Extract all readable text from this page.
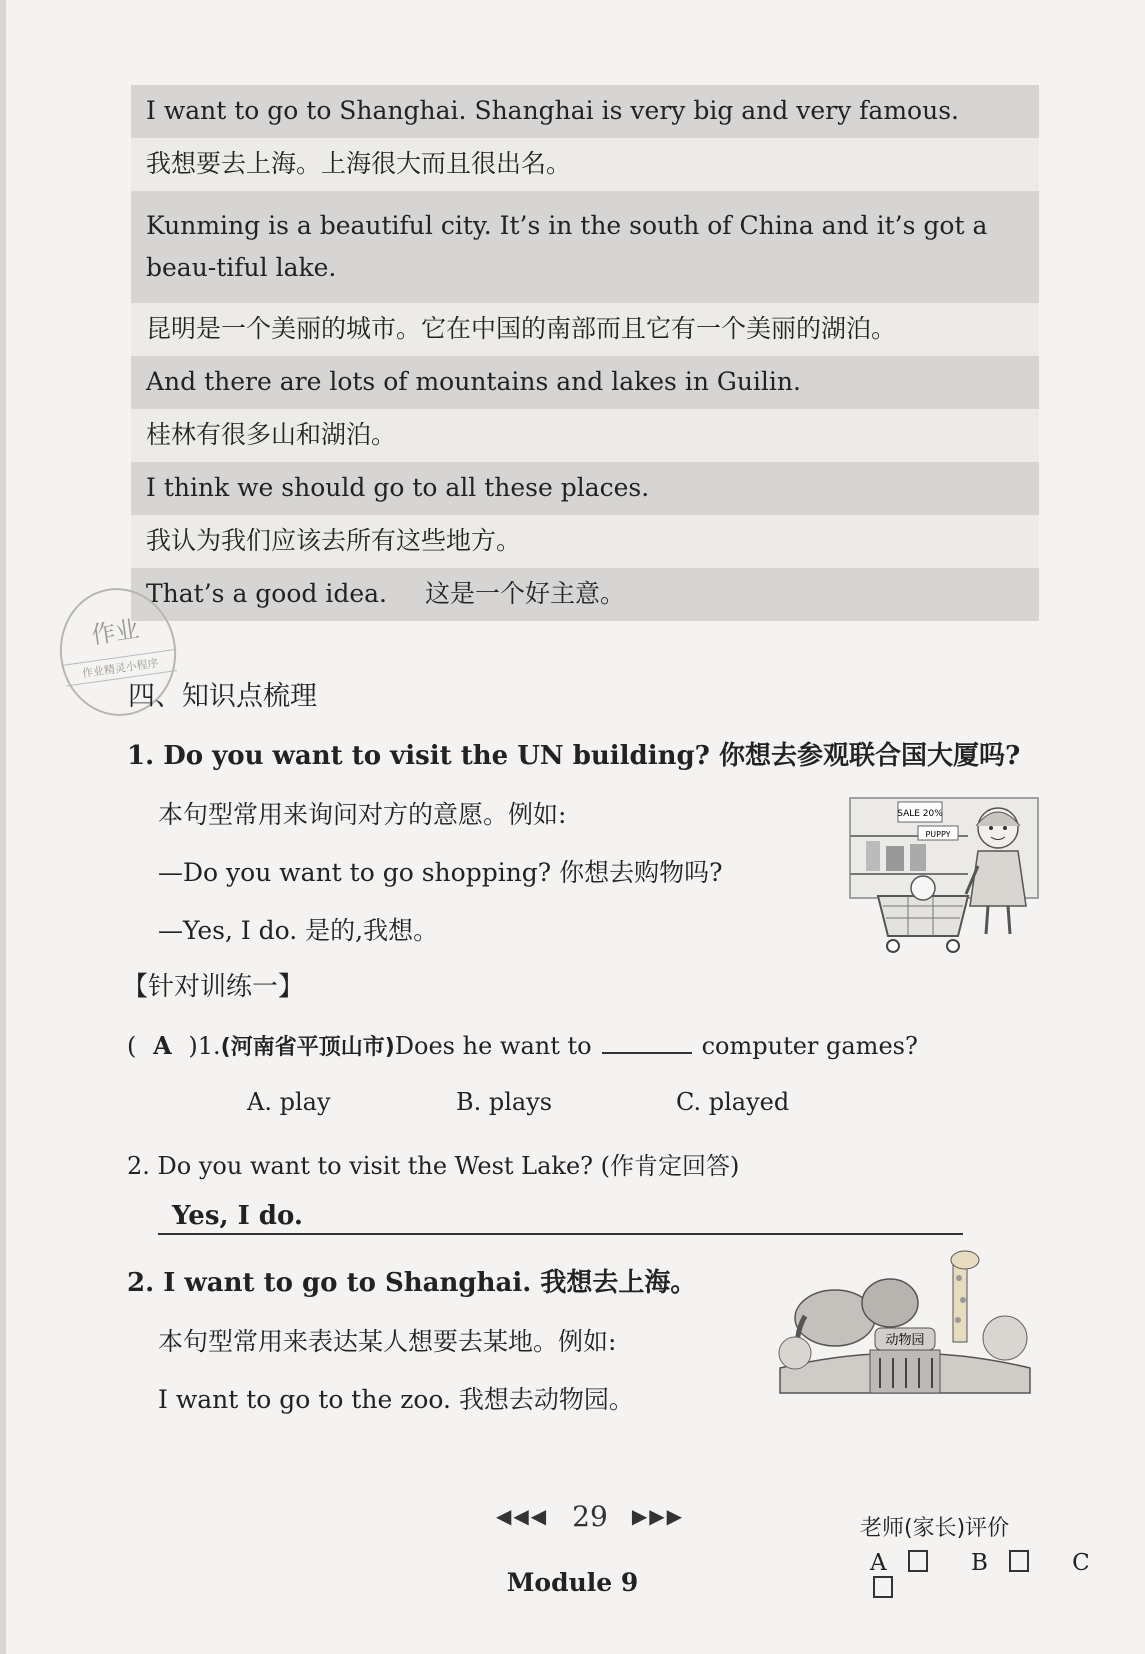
I want to go to Shanghai. Shanghai is very big and very famous.
我想要去上海。上海很大而且很出名。
Kunming is a beautiful city. It’s in the south of China and it’s got a beau-tiful lake.
昆明是一个美丽的城市。它在中国的南部而且它有一个美丽的湖泊。
And there are lots of mountains and lakes in Guilin.
桂林有很多山和湖泊。
I think we should go to all these places.
我认为我们应该去所有这些地方。
That’s a good idea. 这是一个好主意。
作业
作业精灵小程序
四、知识点梳理
1. Do you want to visit the UN building? 你想去参观联合国大厦吗?
本句型常用来询问对方的意愿。例如:
—Do you want to go shopping? 你想去购物吗?
—Yes, I do. 是的,我想。
SALE 20%
PUPPY
【针对训练一】
( A )1.(河南省平顶山市)Does he want to	computer games?
A. play	B. plays	C. played
2. Do you want to visit the West Lake? (作肯定回答)
Yes, I do.
2. I want to go to Shanghai. 我想去上海。
本句型常用来表达某人想要去某地。例如:
I want to go to the zoo. 我想去动物园。
动物园
◀◀◀ 29 ▶▶▶	老师(家长)评价
A	B	C
Module 9
